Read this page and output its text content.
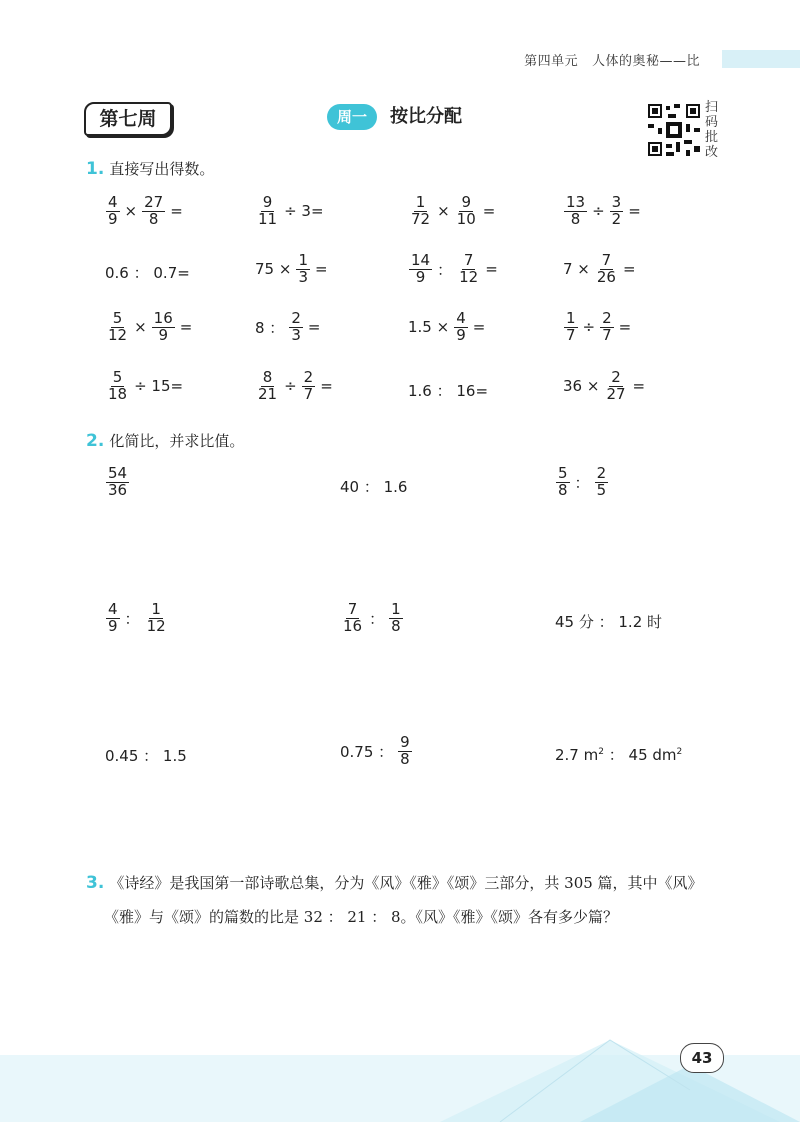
第四单元 人体的奥秘——比
第七周	周一	按比分配	扫
码
批
改
1. 直接写出得数。
$\frac{4}{9} \times \frac{27}{8}$ =	$\frac{9}{11} \div 3=$	$\frac{1}{72} \times \frac{9}{10}$ =	$\frac{13}{8} \div \frac{3}{2}$ =
0.6 ： 0.7=	$75 \times \frac{1}{3}$ =	$\frac{14}{9}$ ： $\frac{7}{12}$ =	$7 \times \frac{7}{26}$ =
$\frac{5}{12} \times \frac{16}{9}$ =	8 ： $\frac{2}{3}$ =	$1.5 \times \frac{4}{9}$ =	$\frac{1}{7} \div \frac{2}{7}$ =
$\frac{5}{18} \div 15=$	$\frac{8}{21} \div \frac{2}{7}$ =	1.6 ： 16=	$36 \times \frac{2}{27}$ =
2. 化简比，并求比值。
$\frac{54}{36}$	40 ： 1.6	$\frac{5}{8}$ ： $\frac{2}{5}$
$\frac{4}{9}$ ： $\frac{1}{12}$	$\frac{7}{16}$ ： $\frac{1}{8}$	45 分 ： 1.2 时
0.45 ： 1.5	0.75 ： $\frac{9}{8}$	2.7 $m^2$ ： 45 $dm^2$
3. 《诗经》是我国第一部诗歌总集，分为《风》《雅》《颂》三部分，共 305 篇，其中《风》
《雅》与《颂》的篇数的比是 32 ： 21 ： 8。《风》《雅》《颂》各有多少篇？
43
